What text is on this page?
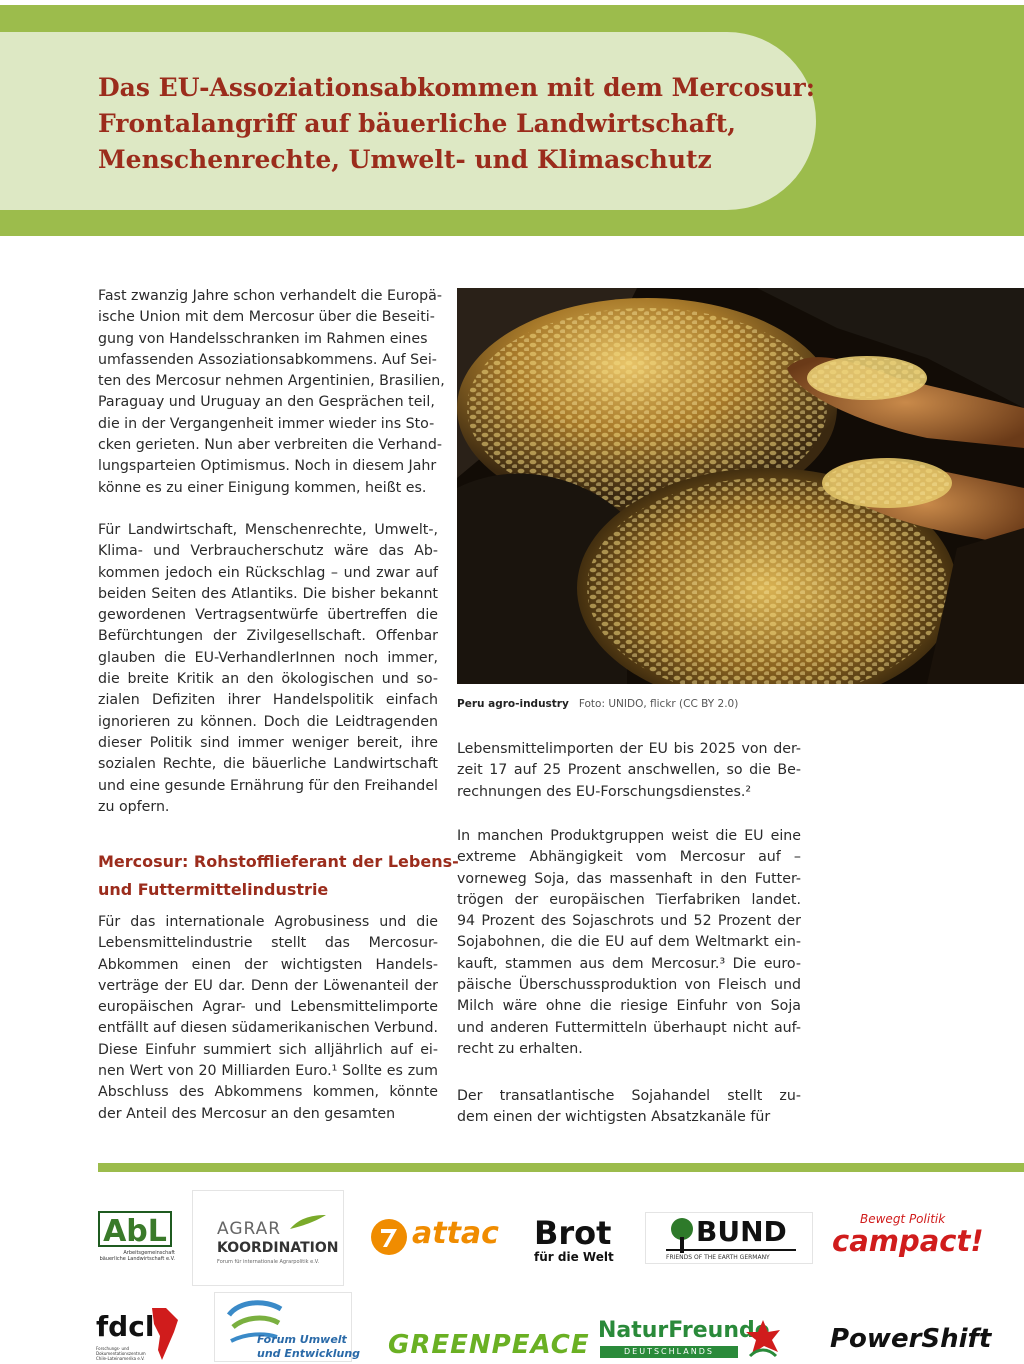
Das EU-Assoziationsabkommen mit dem Mercosur:
Frontalangriff auf bäuerliche Landwirtschaft,
Menschenrechte, Umwelt- und Klimaschutz
Fast zwanzig Jahre schon verhandelt die Europä-
ische Union mit dem Mercosur über die Beseiti-
gung von Handelsschranken im Rahmen eines
umfassenden Assoziationsabkommens. Auf Sei-
ten des Mercosur nehmen Argentinien, Brasilien,
Paraguay und Uruguay an den Gesprächen teil,
die in der Vergangenheit immer wieder ins Sto-
cken gerieten. Nun aber verbreiten die Verhand-
lungsparteien Optimismus. Noch in diesem Jahr
könne es zu einer Einigung kommen, heißt es.
Für Landwirtschaft, Menschenrechte, Umwelt-,
Klima- und Verbraucherschutz wäre das Ab-
kommen jedoch ein Rückschlag – und zwar auf
beiden Seiten des Atlantiks. Die bisher bekannt
gewordenen Vertragsentwürfe übertreffen die
Befürchtungen der Zivilgesellschaft. Offenbar
glauben die EU-VerhandlerInnen noch immer,
die breite Kritik an den ökologischen und so-
zialen Defiziten ihrer Handelspolitik einfach
ignorieren zu können. Doch die Leidtragenden
dieser Politik sind immer weniger bereit, ihre
sozialen Rechte, die bäuerliche Landwirtschaft
und eine gesunde Ernährung für den Freihandel
zu opfern.
Mercosur: Rohstofflieferant der Lebens-
und Futtermittelindustrie
Für das internationale Agrobusiness und die
Lebensmittelindustrie stellt das Mercosur-
Abkommen einen der wichtigsten Handels-
verträge der EU dar. Denn der Löwenanteil der
europäischen Agrar- und Lebensmittelimporte
entfällt auf diesen südamerikanischen Verbund.
Diese Einfuhr summiert sich alljährlich auf ei-
nen Wert von 20 Milliarden Euro.¹ Sollte es zum
Abschluss des Abkommens kommen, könnte
der Anteil des Mercosur an den gesamten
Peru agro-industry Foto: UNIDO, flickr (CC BY 2.0)
Lebensmittelimporten der EU bis 2025 von der-
zeit 17 auf 25 Prozent anschwellen, so die Be-
rechnungen des EU-Forschungsdienstes.²
In manchen Produktgruppen weist die EU eine
extreme Abhängigkeit vom Mercosur auf –
vorneweg Soja, das massenhaft in den Futter-
trögen der europäischen Tierfabriken landet.
94 Prozent des Sojaschrots und 52 Prozent der
Sojabohnen, die die EU auf dem Weltmarkt ein-
kauft, stammen aus dem Mercosur.³ Die euro-
päische Überschussproduktion von Fleisch und
Milch wäre ohne die riesige Einfuhr von Soja
und anderen Futtermitteln überhaupt nicht auf-
recht zu erhalten.
Der transatlantische Sojahandel stellt zu-
dem einen der wichtigsten Absatzkanäle für
AbL
Arbeitsgemeinschaft bäuerliche Landwirtschaft e.V.
AGRAR
KOORDINATION
Forum für internationale Agrarpolitik e.V.
attac Brot
für die Welt
BUND
FRIENDS OF THE EARTH GERMANY
Bewegt Politik
campact!
fdcl
Forschungs- und Dokumentationszentrum Chile-Lateinamerika e.V.
Forum Umwelt
und Entwicklung GREENPEACE NaturFreunde
DEUTSCHLANDS	PowerShift
